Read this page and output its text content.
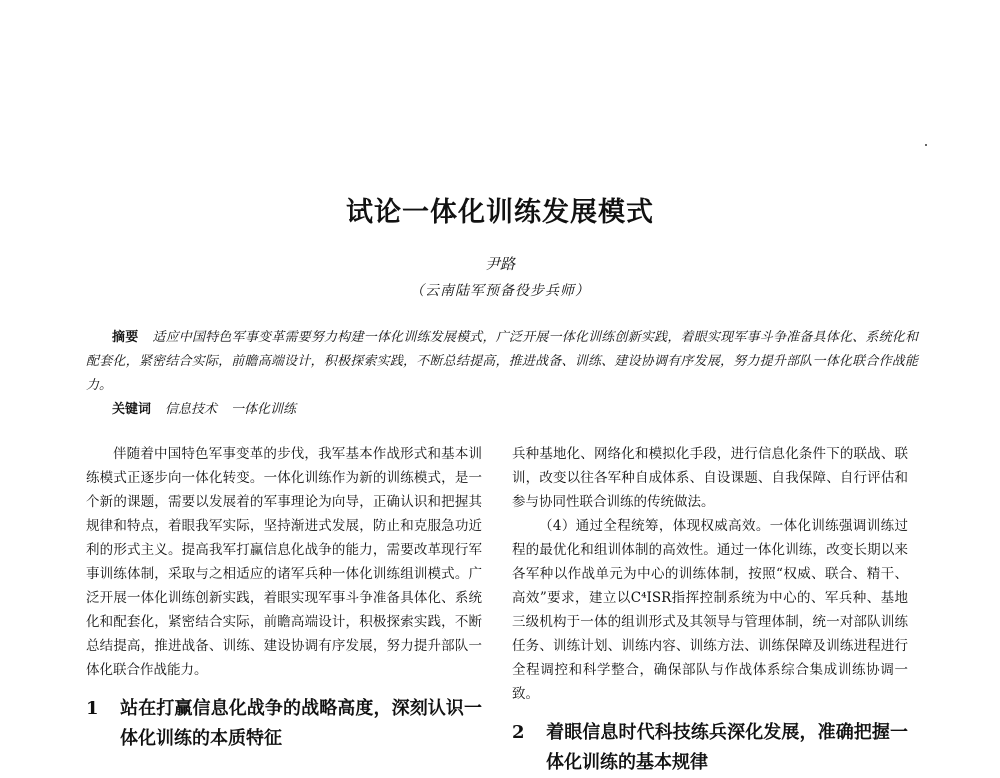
试论一体化训练发展模式
尹路
（云南陆军预备役步兵师）
摘要 适应中国特色军事变革需要努力构建一体化训练发展模式，广泛开展一体化训练创新实践，着眼实现军事斗争准备具体化、系统化和配套化，紧密结合实际，前瞻高端设计，积极探索实践，不断总结提高，推进战备、训练、建设协调有序发展，努力提升部队一体化联合作战能力。
关键词 信息技术 一体化训练

伴随着中国特色军事变革的步伐，我军基本作战形式和基本训练模式正逐步向一体化转变。一体化训练作为新的训练模式，是一个新的课题，需要以发展着的军事理论为向导，正确认识和把握其规律和特点，着眼我军实际，坚持渐进式发展，防止和克服急功近利的形式主义。提高我军打赢信息化战争的能力，需要改革现行军事训练体制，采取与之相适应的诸军兵种一体化训练组训模式。广泛开展一体化训练创新实践，着眼实现军事斗争准备具体化、系统化和配套化，紧密结合实际，前瞻高端设计，积极探索实践，不断总结提高，推进战备、训练、建设协调有序发展，努力提升部队一体化联合作战能力。

1 站在打赢信息化战争的战略高度，深刻认识一体化训练的本质特征

兵种基地化、网络化和模拟化手段，进行信息化条件下的联战、联训，改变以往各军种自成体系、自设课题、自我保障、自行评估和参与协同性联合训练的传统做法。

（4）通过全程统筹，体现权威高效。一体化训练强调训练过程的最优化和组训体制的高效性。通过一体化训练，改变长期以来各军种以作战单元为中心的训练体制，按照“权威、联合、精干、高效”要求，建立以C⁴ISR指挥控制系统为中心的、军兵种、基地三级机构于一体的组训形式及其领导与管理体制，统一对部队训练任务、训练计划、训练内容、训练方法、训练保障及训练进程进行全程调控和科学整合，确保部队与作战体系综合集成训练协调一致。

2 着眼信息时代科技练兵深化发展，准确把握一体化训练的基本规律
